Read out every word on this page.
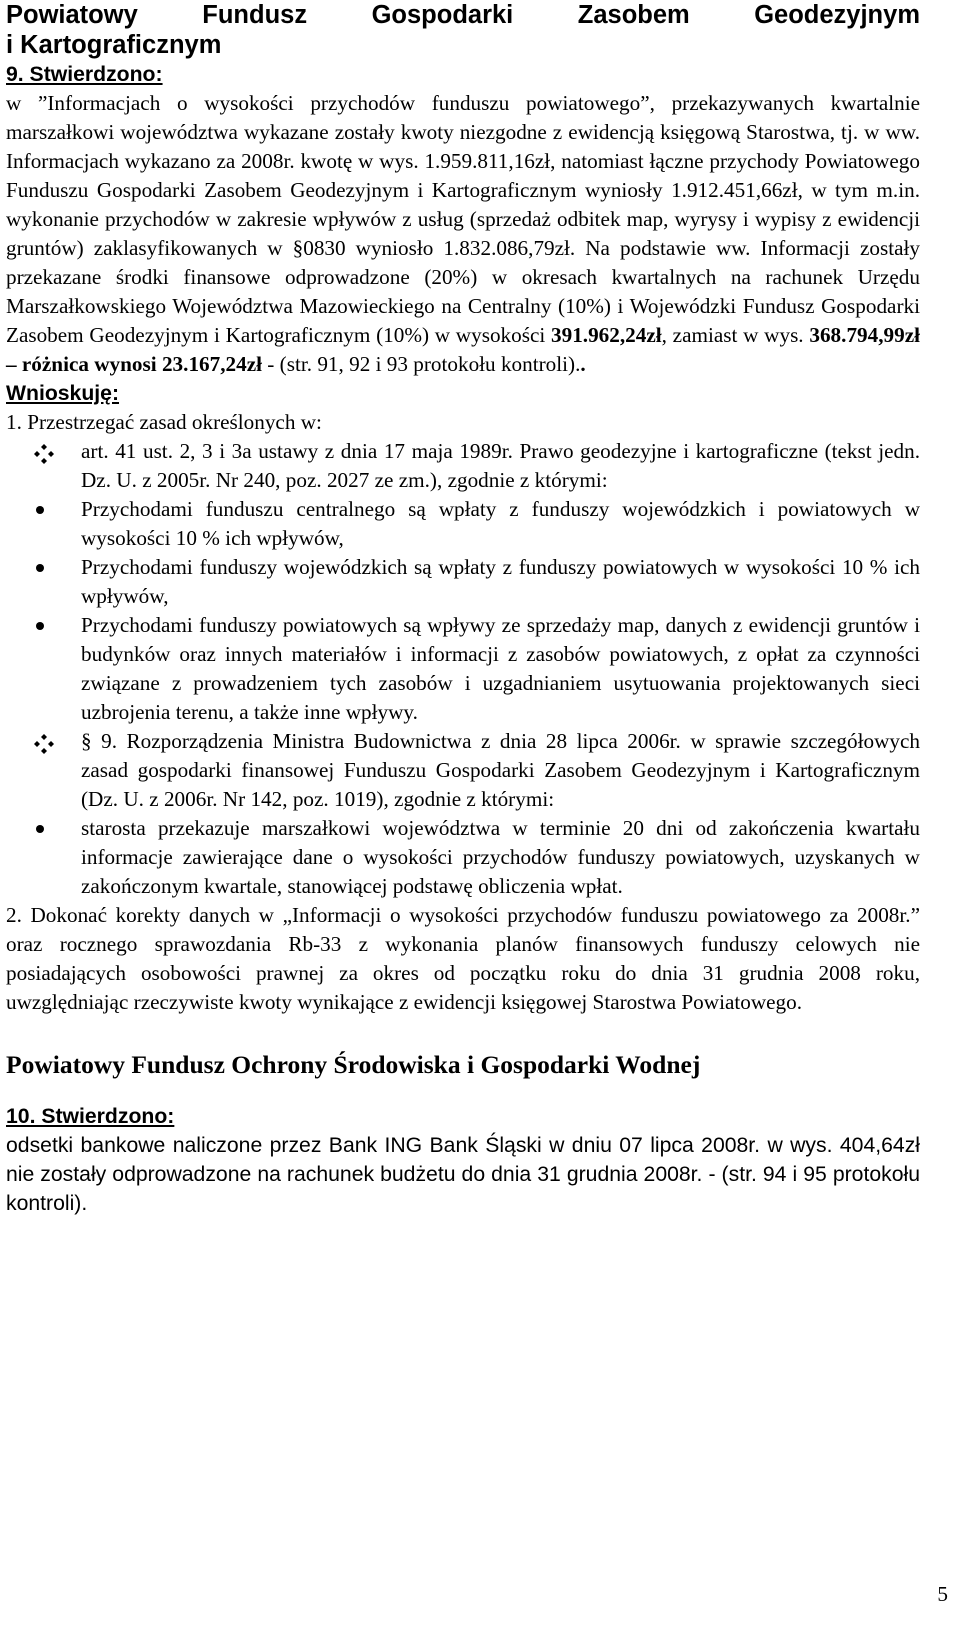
Powiatowy Fundusz Gospodarki Zasobem Geodezyjnym
i Kartograficznym

9. Stwierdzono:

w ”Informacjach o wysokości przychodów funduszu powiatowego”, przekazywanych kwartalnie marszałkowi województwa wykazane zostały kwoty niezgodne z ewidencją księgową Starostwa, tj. w ww. Informacjach wykazano za 2008r. kwotę w wys. 1.959.811,16zł, natomiast łączne przychody Powiatowego Funduszu Gospodarki Zasobem Geodezyjnym i Kartograficznym wyniosły 1.912.451,66zł, w tym m.in. wykonanie przychodów w zakresie wpływów z usług (sprzedaż odbitek map, wyrysy i wypisy z ewidencji gruntów) zaklasyfikowanych w §0830 wyniosło 1.832.086,79zł. Na podstawie ww. Informacji zostały przekazane środki finansowe odprowadzone (20%) w okresach kwartalnych na rachunek Urzędu Marszałkowskiego Województwa Mazowieckiego na Centralny (10%) i Wojewódzki Fundusz Gospodarki Zasobem Geodezyjnym i Kartograficznym (10%) w wysokości 391.962,24zł, zamiast w wys. 368.794,99zł – różnica wynosi 23.167,24zł - (str. 91, 92 i 93 protokołu kontroli)..

Wnioskuję:

1. Przestrzegać zasad określonych w:

art. 41 ust. 2, 3 i 3a ustawy z dnia 17 maja 1989r. Prawo geodezyjne i kartograficzne (tekst jedn. Dz. U. z 2005r. Nr 240, poz. 2027 ze zm.), zgodnie z którymi:
Przychodami funduszu centralnego są wpłaty z funduszy wojewódzkich i powiatowych w wysokości 10 % ich wpływów,
Przychodami funduszy wojewódzkich są wpłaty z funduszy powiatowych w wysokości 10 % ich wpływów,
Przychodami funduszy powiatowych są wpływy ze sprzedaży map, danych z ewidencji gruntów i budynków oraz innych materiałów i informacji z zasobów powiatowych, z opłat za czynności związane z prowadzeniem tych zasobów i uzgadnianiem usytuowania projektowanych sieci uzbrojenia terenu, a także inne wpływy.
§ 9. Rozporządzenia Ministra Budownictwa z dnia 28 lipca 2006r. w sprawie szczegółowych zasad gospodarki finansowej Funduszu Gospodarki Zasobem Geodezyjnym i Kartograficznym (Dz. U. z 2006r. Nr 142, poz. 1019), zgodnie z którymi:
starosta przekazuje marszałkowi województwa w terminie 20 dni od zakończenia kwartału informacje zawierające dane o wysokości przychodów funduszy powiatowych, uzyskanych w zakończonym kwartale, stanowiącej podstawę obliczenia wpłat.

2. Dokonać korekty danych w „Informacji o wysokości przychodów funduszu powiatowego za 2008r.” oraz rocznego sprawozdania Rb-33 z wykonania planów finansowych funduszy celowych nie posiadających osobowości prawnej za okres od początku roku do dnia 31 grudnia 2008 roku, uwzględniając rzeczywiste kwoty wynikające z ewidencji księgowej Starostwa Powiatowego.

Powiatowy Fundusz Ochrony Środowiska i Gospodarki Wodnej

10. Stwierdzono:

odsetki bankowe naliczone przez Bank ING Bank Śląski w dniu 07 lipca 2008r. w wys. 404,64zł nie zostały odprowadzone na rachunek budżetu do dnia 31 grudnia 2008r. - (str. 94 i 95 protokołu kontroli).

5
